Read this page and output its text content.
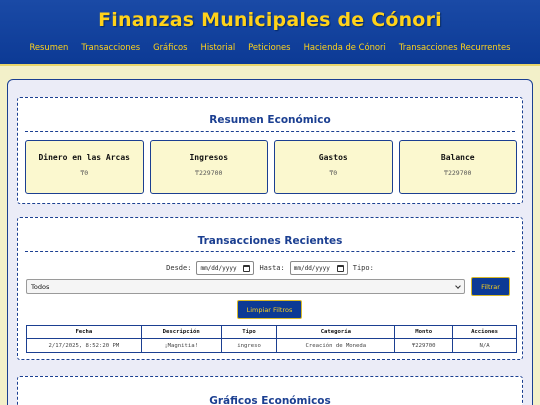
Finanzas Municipales de Cónori
Resumen Transacciones Gráficos Historial Peticiones Hacienda de Cónori Transacciones Recurrentes
Resumen Económico
Dinero en las Arcas
₸0
Ingresos
₸229700
Gastos
₸0
Balance
₸229700
Transacciones Recientes
Desde: mm/dd/yyyy	Hasta: mm/dd/yyyy	Tipo:
Todos	Filtrar
Limpiar Filtros
Fecha	Descripción	Tipo	Categoría	Monto	Acciones
2/17/2025, 8:52:20 PM	¡Magnitia!	ingreso	Creación de Moneda	₸229700	N/A
Gráficos Económicos
